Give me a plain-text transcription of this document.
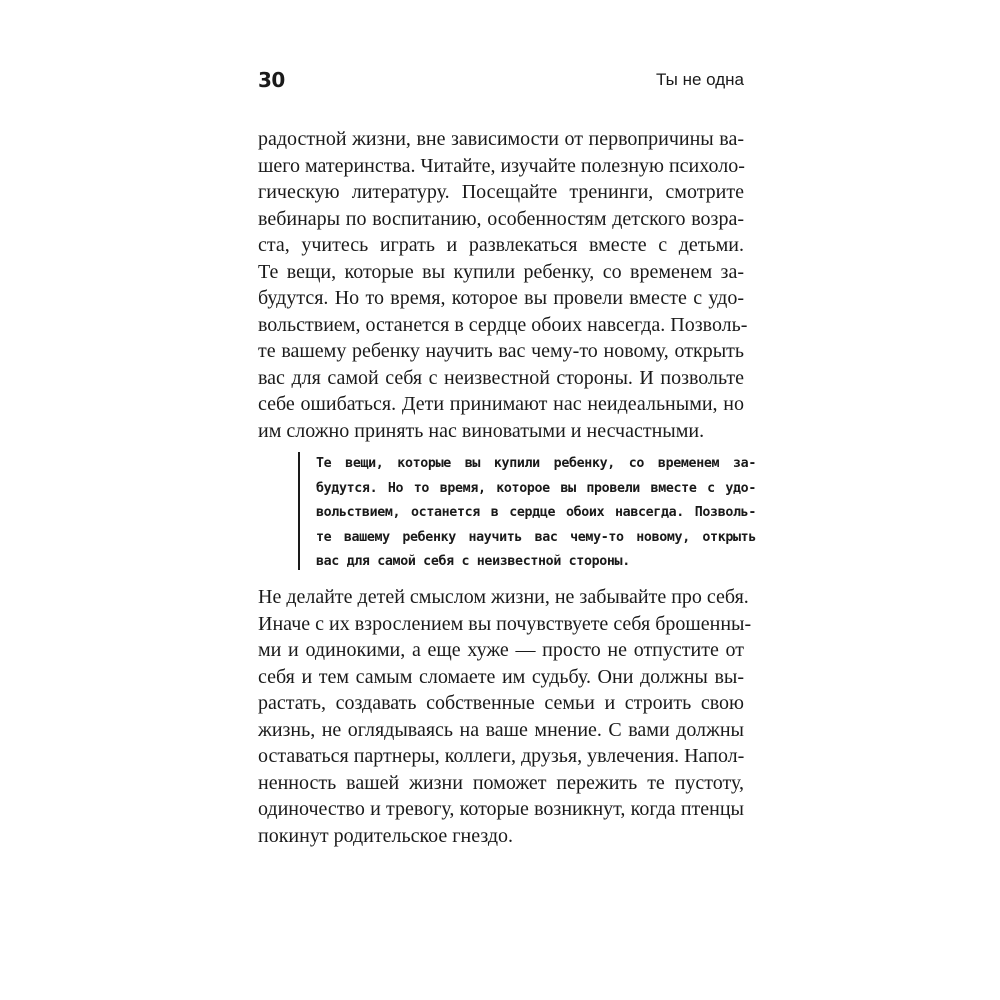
30	Ты не одна
радостной жизни, вне зависимости от первопричины ва-
шего материнства. Читайте, изучайте полезную психоло-
гическую литературу. Посещайте тренинги, смотрите
вебинары по воспитанию, особенностям детского возра-
ста, учитесь играть и развлекаться вместе с детьми.
Те вещи, которые вы купили ребенку, со временем за-
будутся. Но то время, которое вы провели вместе с удо-
вольствием, останется в сердце обоих навсегда. Позволь-
те вашему ребенку научить вас чему-то новому, открыть
вас для самой себя с неизвестной стороны. И позвольте
себе ошибаться. Дети принимают нас неидеальными, но
им сложно принять нас виноватыми и несчастными.
Те вещи, которые вы купили ребенку, со временем за-
будутся. Но то время, которое вы провели вместе с удо-
вольствием, останется в сердце обоих навсегда. Позволь-
те вашему ребенку научить вас чему-то новому, открыть
вас для самой себя с неизвестной стороны.
Не делайте детей смыслом жизни, не забывайте про себя.
Иначе с их взрослением вы почувствуете себя брошенны-
ми и одинокими, а еще хуже — просто не отпустите от
себя и тем самым сломаете им судьбу. Они должны вы-
растать, создавать собственные семьи и строить свою
жизнь, не оглядываясь на ваше мнение. С вами должны
оставаться партнеры, коллеги, друзья, увлечения. Напол-
ненность вашей жизни поможет пережить те пустоту,
одиночество и тревогу, которые возникнут, когда птенцы
покинут родительское гнездо.
